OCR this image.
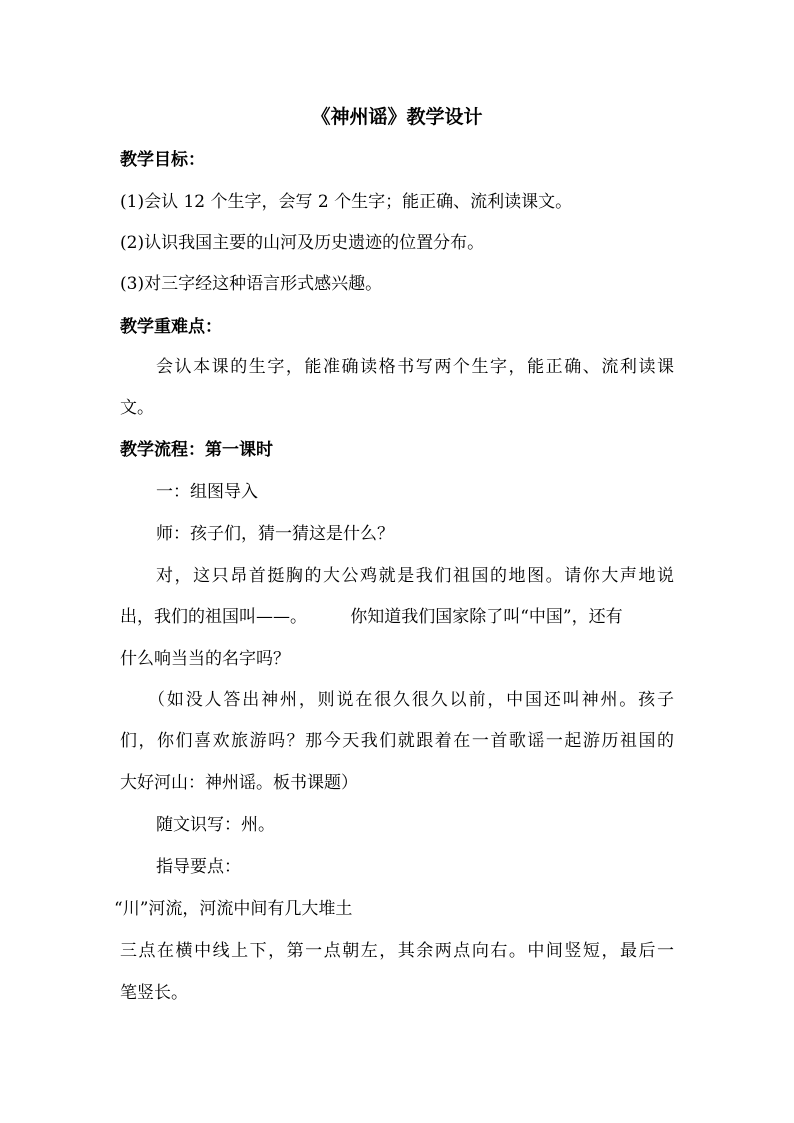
《神州谣》教学设计
教学目标：
(1)会认 12 个生字，会写 2 个生字；能正确、流利读课文。
(2)认识我国主要的山河及历史遗迹的位置分布。
(3)对三字经这种语言形式感兴趣。
教学重难点：
会认本课的生字，能准确读格书写两个生字，能正确、流利读课
文。
教学流程：第一课时
一：组图导入
师：孩子们，猜一猜这是什么？
对，这只昂首挺胸的大公鸡就是我们祖国的地图。请你大声地说
出，我们的祖国叫——。        你知道我们国家除了叫“中国”，还有
什么响当当的名字吗？
（如没人答出神州，则说在很久很久以前，中国还叫神州。孩子
们，你们喜欢旅游吗？那今天我们就跟着在一首歌谣一起游历祖国的
大好河山：神州谣。板书课题）
随文识写：州。
指导要点：
“川”河流，河流中间有几大堆土
三点在横中线上下，第一点朝左，其余两点向右。中间竖短，最后一
笔竖长。
